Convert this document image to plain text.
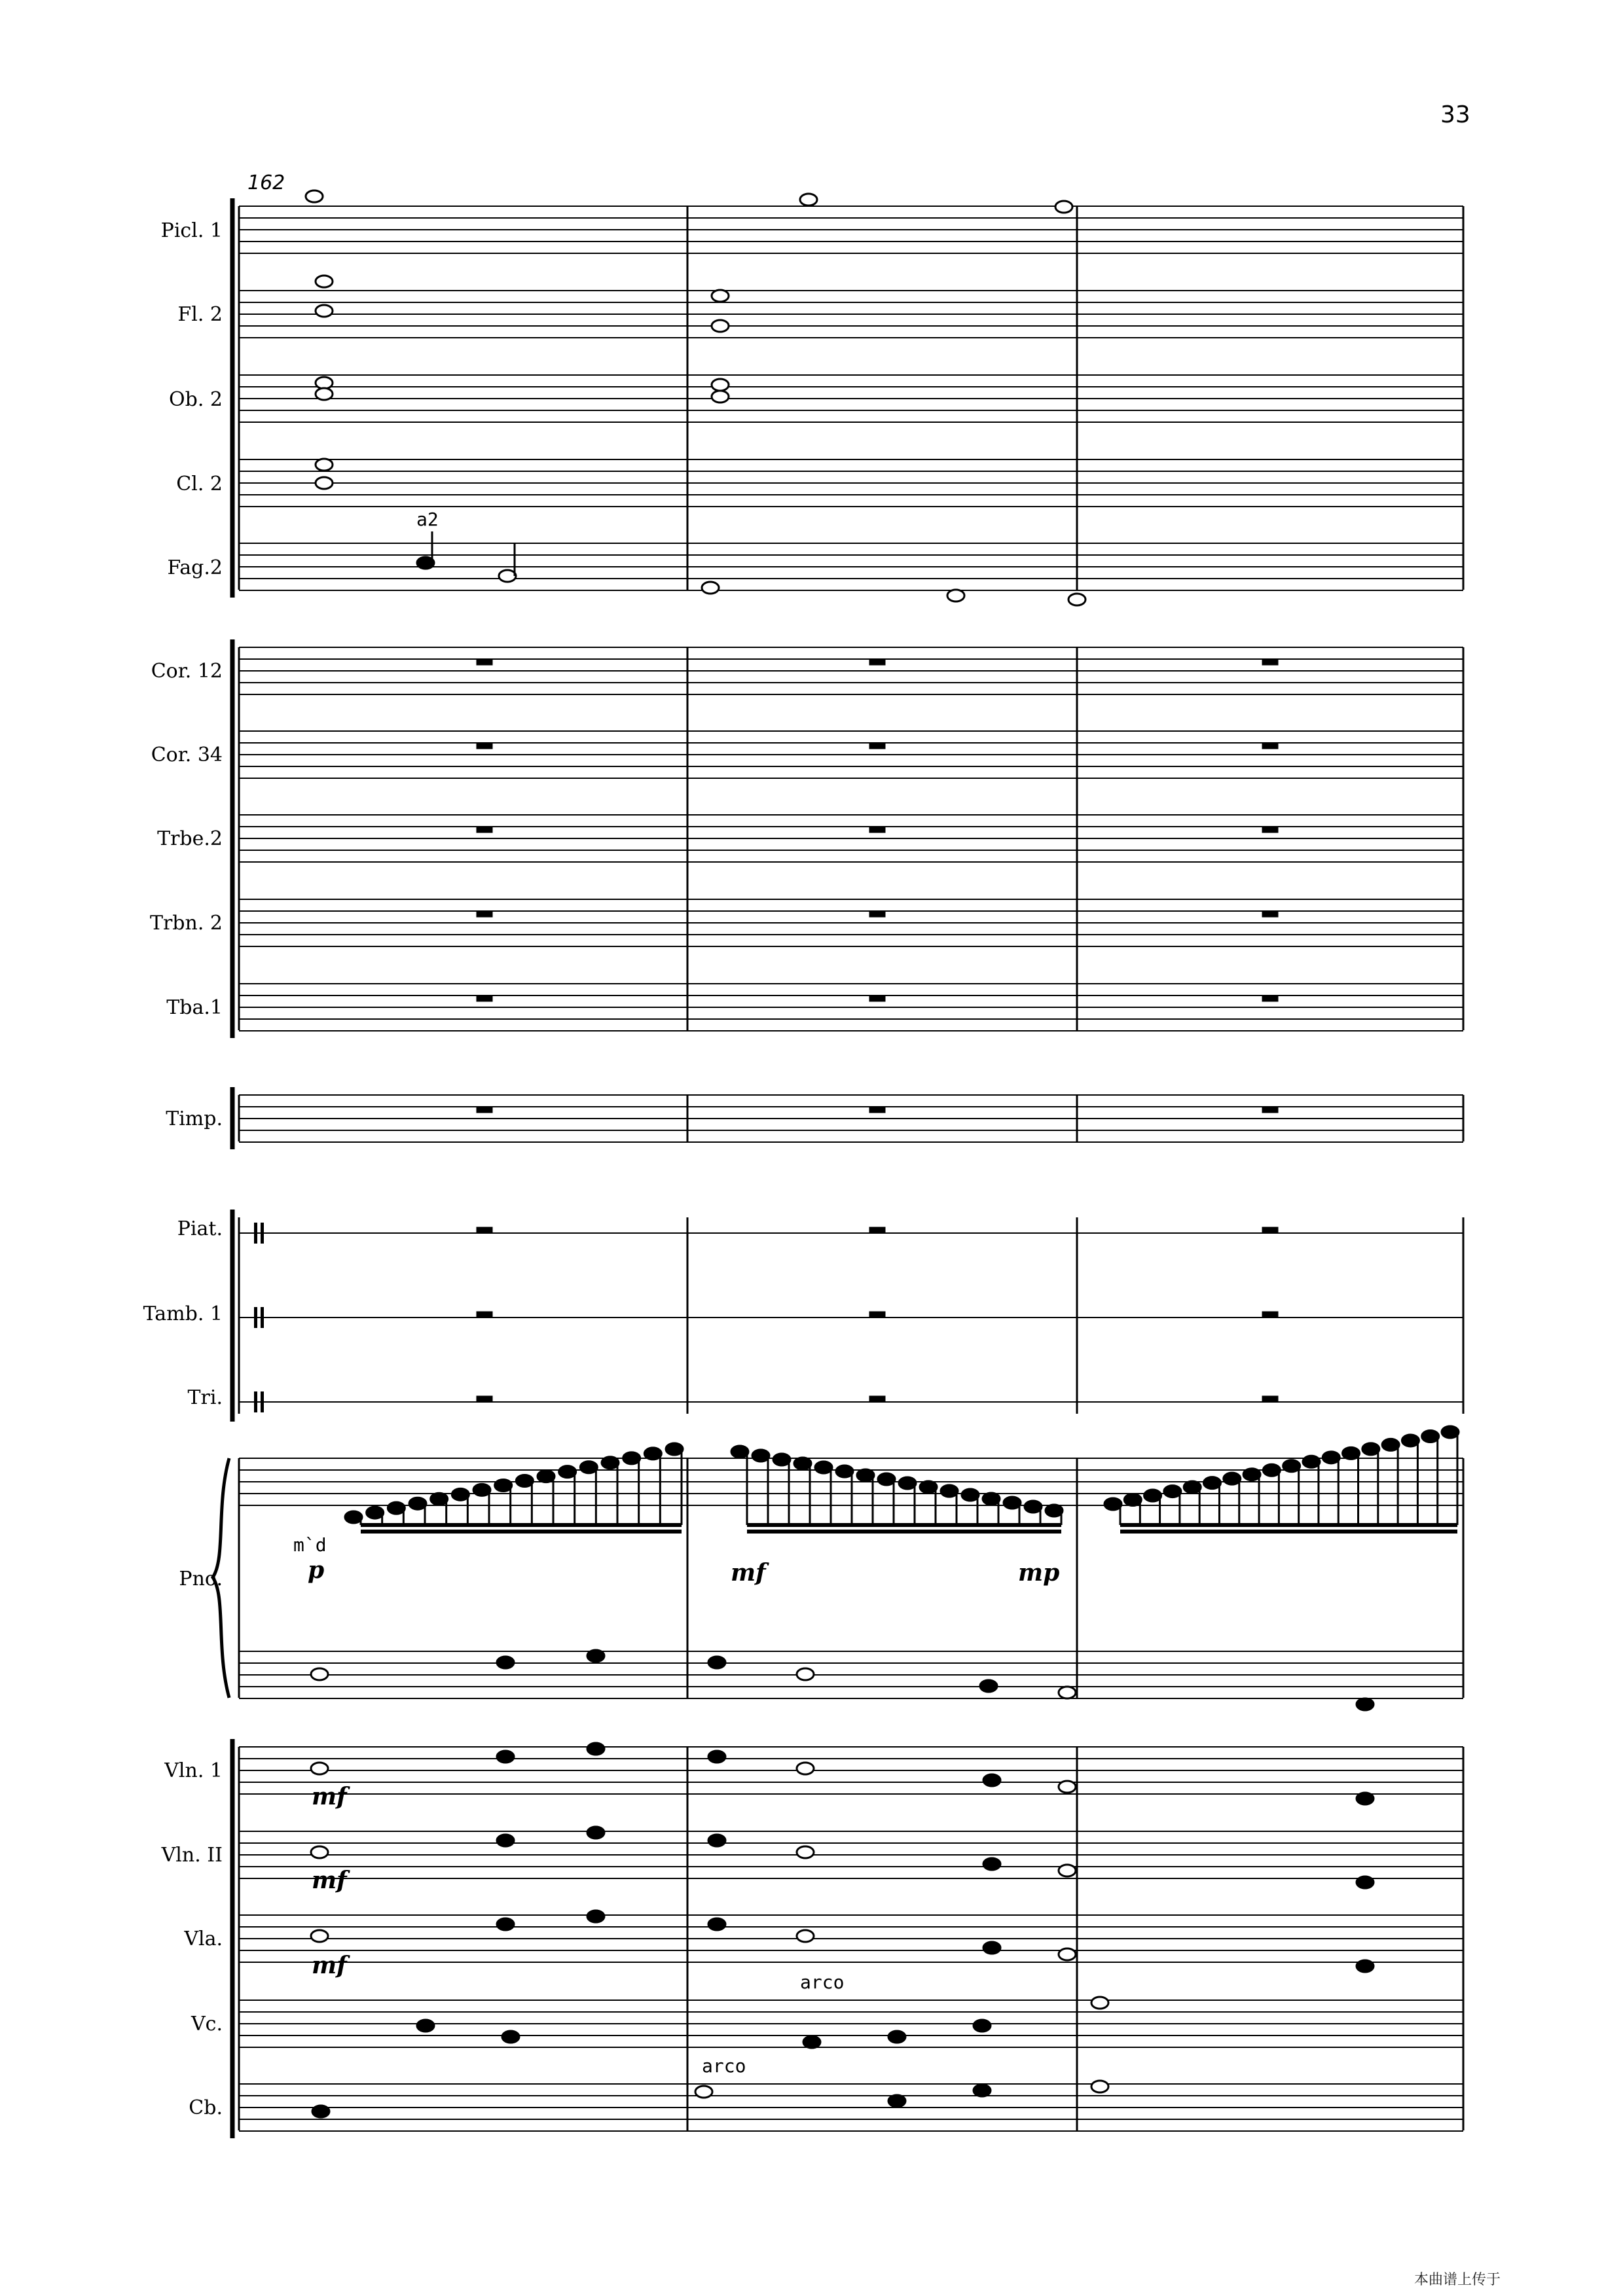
33
162
Picl. 1
Fl. 2
Ob. 2
Cl. 2
Fag.2
Cor. 12
Cor. 34
Trbe.2
Trbn. 2
Tba.1
Timp.
Piat.
Tamb. 1
Tri.
Pno.
Vln. 1
Vln. II
Vla.
Vc.
Cb.
a2
m`d
arco
arco
p	mf	mp
mf
mf
mf
本曲谱上传于
